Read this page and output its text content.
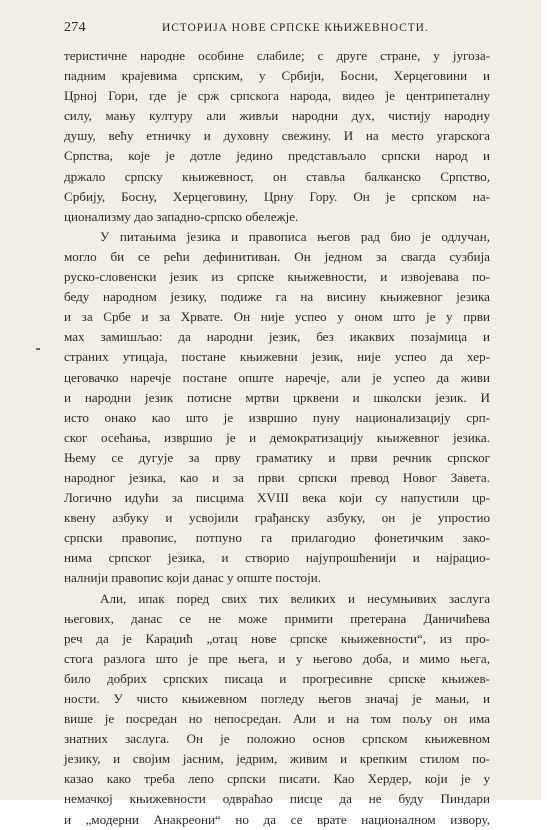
274	ИСТОРИЈА НОВЕ СРПСКЕ КЊИЖЕВНОСТИ.
теристичне народне особине слабиле; с друге стране, у југоза-
падним крајевима српским, у Србији, Босни, Херцеговини и
Црној Гори, где је срж српскога народа, видео је центрипеталну
силу, мању културу али живљи народни дух, чистију народну
душу, већу етничку и духовну свежину. И на место угарскога
Српства, које је дотле једино представљало српски народ и
држало српску књижевност, он ставља балканско Српство,
Србију, Босну, Херцеговину, Црну Гору. Он је српском на-
ционализму дао западно-српско обележје.
У питањима језика и правописа његов рад био је одлучан,
могло би се рећи дефинитиван. Он једном за свагда сузбија
руско-словенски језик из српске књижевности, и извојевава по-
беду народном језику, подиже га на висину књижевног језика
и за Србе и за Хрвате. Он није успео у оном што је у први
мах замишљао: да народни језик, без икаквих позајмица и
страних утицаја, постане књижевни језик, није успео да хер-
цеговачко наречје постане опште наречје, али је успео да живи
и народни језик потисне мртви црквени и школски језик. И
исто онако као што је извршио пуну национализацију срп-
ског осећања, извршио је и демократизацију књижевног језика.
Њему се дугује за прву граматику и први речник српског
народног језика, као и за први српски превод Новог Завета.
Логично идући за писцима XVIII века који су напустили цр-
квену азбуку и усвојили грађанску азбуку, он је упростио
српски правопис, потпуно га прилагодио фонетичким зако-
нима српског језика, и створио најупрошћенији и најрацио-
налнији правопис који данас у опште постоји.
Али, ипак поред свих тих великих и несумњивих заслуга
његових, данас се не може примити претерана Даничићева
реч да је Караџић „отац нове српске књижевности“, из про-
стога разлога што је пре њега, и у његово доба, и мимо њега,
било добрих српских писаца и прогресивне српске књижев-
ности. У чисто књижевном погледу његов значај је мањи, и
више је посредан но непосредан. Али и на том пољу он има
знатних заслуга. Он је положио основ српском књижевном
језику, и својим јасним, једрим, живим и крепким стилом по-
казао како треба лепо српски писати. Као Хердер, који је у
немачкој књижевности одвраћао писце да не буду Пиндари
и „модерни Анакреони“ но да се врате националном извору,
